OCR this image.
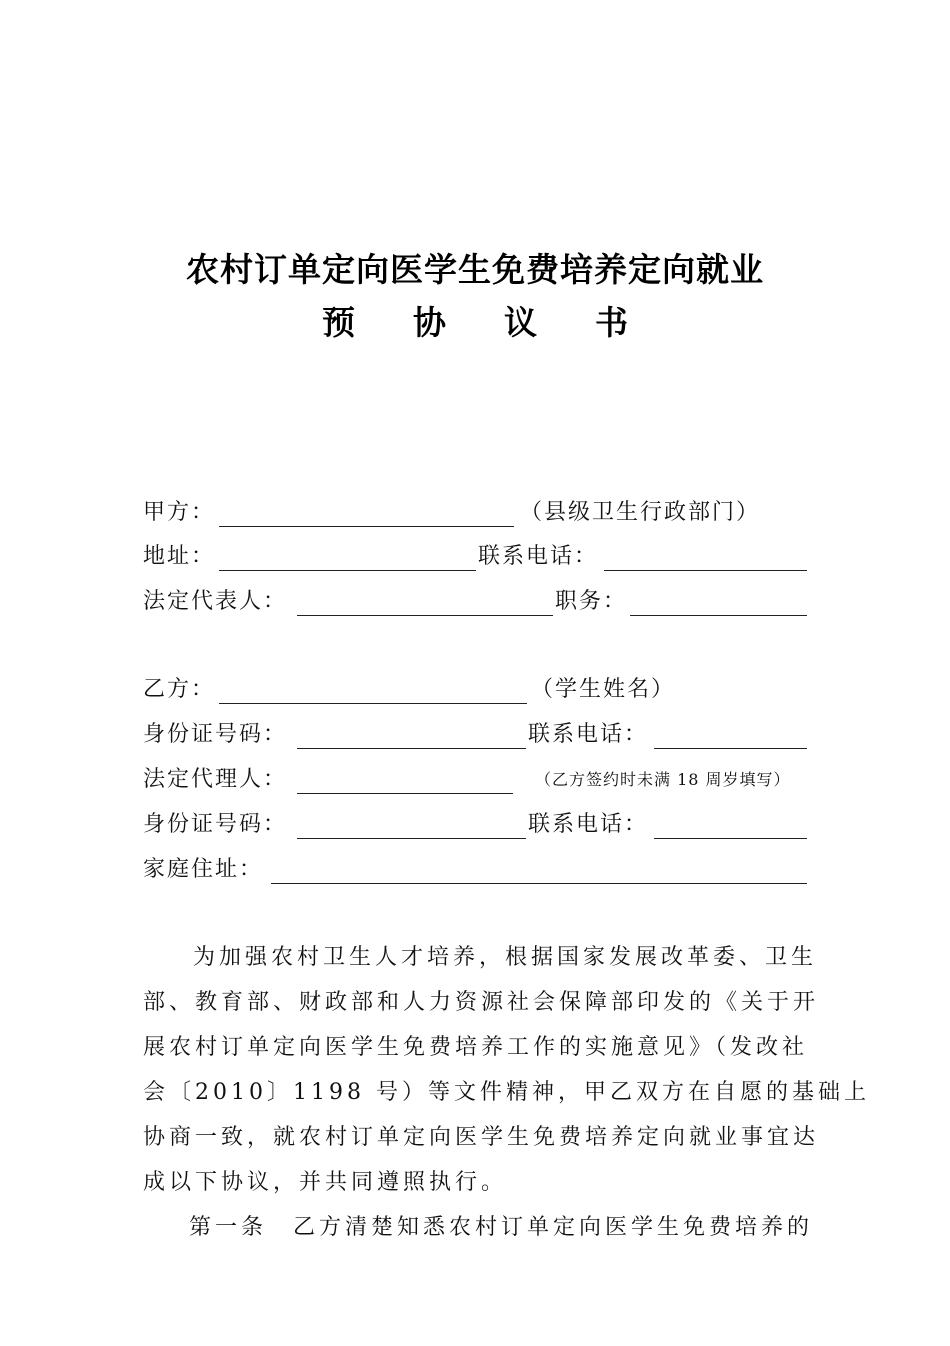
农村订单定向医学生免费培养定向就业
预协议书
甲方：	（县级卫生行政部门）
地址：	联系电话：
法定代表人：	职务：
乙方：	（学生姓名）
身份证号码：	联系电话：
法定代理人：	（乙方签约时未满 18 周岁填写）
身份证号码：	联系电话：
家庭住址：
为加强农村卫生人才培养，根据国家发展改革委、卫生
部、教育部、财政部和人力资源社会保障部印发的《关于开
展农村订单定向医学生免费培养工作的实施意见》（发改社
会〔2010〕1198 号）等文件精神，甲乙双方在自愿的基础上
协商一致，就农村订单定向医学生免费培养定向就业事宜达
成以下协议，并共同遵照执行。
第一条　乙方清楚知悉农村订单定向医学生免费培养的
